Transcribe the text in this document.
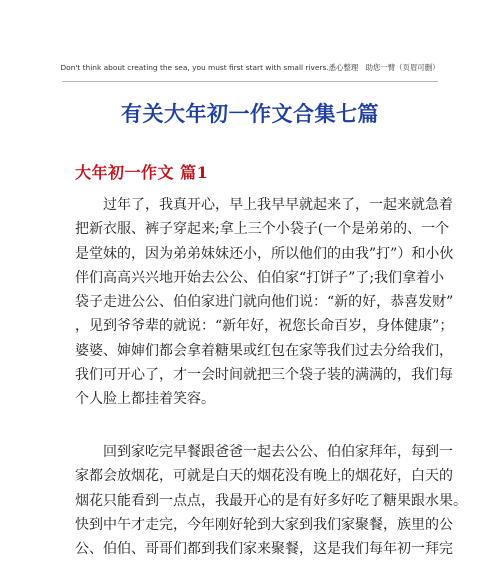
Don't think about creating the sea, you must first start with small rivers.悉心整理　助您一臂（页眉可删）
有关大年初一作文合集七篇
大年初一作文 篇1
过年了，我真开心，早上我早早就起来了，一起来就急着
把新衣服、裤子穿起来;拿上三个小袋子(一个是弟弟的、一个
是堂妹的，因为弟弟妹妹还小，所以他们的由我”打”）和小伙
伴们高高兴兴地开始去公公、伯伯家“打饼子”了;我们拿着小
袋子走进公公、伯伯家进门就向他们说：“新的好，恭喜发财”
，见到爷爷辈的就说：“新年好，祝您长命百岁，身体健康”；
婆婆、婶婶们都会拿着糖果或红包在家等我们过去分给我们，
我们可开心了，才一会时间就把三个袋子装的满满的，我们每
个人脸上都挂着笑容。
回到家吃完早餐跟爸爸一起去公公、伯伯家拜年，每到一
家都会放烟花，可就是白天的烟花没有晚上的烟花好，白天的
烟花只能看到一点点，我最开心的是有好多好吃了糖果跟水果。
快到中午才走完，今年刚好轮到大家到我们家聚餐，族里的公
公、伯伯、哥哥们都到我们家来聚餐，这是我们每年初一拜完
